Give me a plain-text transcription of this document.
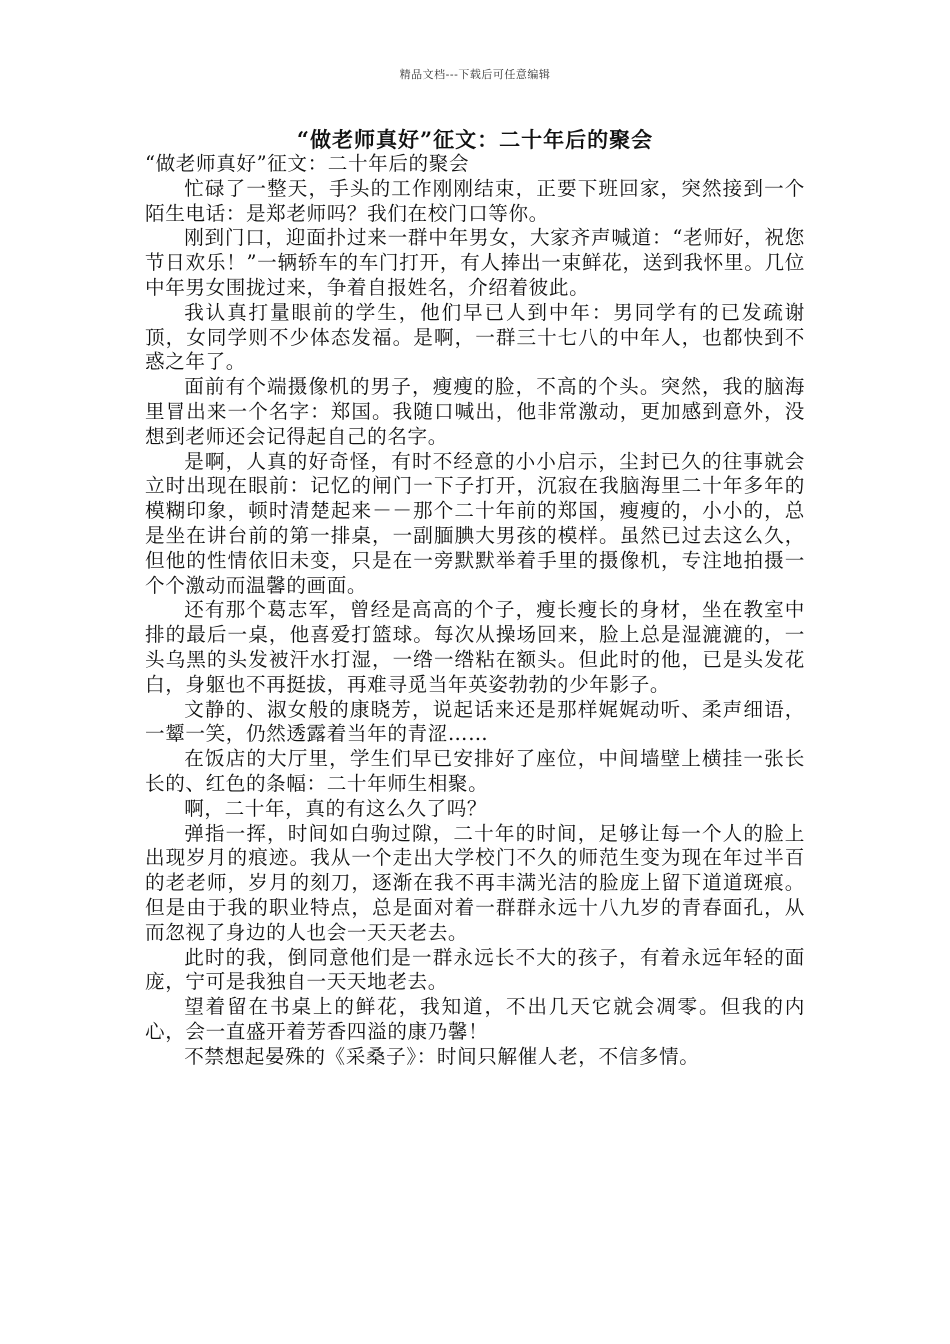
精品文档---下载后可任意编辑
“做老师真好”征文：二十年后的聚会

“做老师真好”征文：二十年后的聚会

忙碌了一整天，手头的工作刚刚结束，正要下班回家，突然接到一个陌生电话：是郑老师吗？我们在校门口等你。

刚到门口，迎面扑过来一群中年男女，大家齐声喊道：“老师好，祝您节日欢乐！”一辆轿车的车门打开，有人捧出一束鲜花，送到我怀里。几位中年男女围拢过来，争着自报姓名，介绍着彼此。

我认真打量眼前的学生，他们早已人到中年：男同学有的已发疏谢顶，女同学则不少体态发福。是啊，一群三十七八的中年人，也都快到不惑之年了。

面前有个端摄像机的男子，瘦瘦的脸，不高的个头。突然，我的脑海里冒出来一个名字：郑国。我随口喊出，他非常激动，更加感到意外，没想到老师还会记得起自己的名字。

是啊，人真的好奇怪，有时不经意的小小启示，尘封已久的往事就会立时出现在眼前：记忆的闸门一下子打开，沉寂在我脑海里二十年多年的模糊印象，顿时清楚起来－－那个二十年前的郑国，瘦瘦的，小小的，总是坐在讲台前的第一排桌，一副腼腆大男孩的模样。虽然已过去这么久，但他的性情依旧未变，只是在一旁默默举着手里的摄像机，专注地拍摄一个个激动而温馨的画面。

还有那个葛志军，曾经是高高的个子，瘦长瘦长的身材，坐在教室中排的最后一桌，他喜爱打篮球。每次从操场回来，脸上总是湿漉漉的，一头乌黑的头发被汗水打湿，一绺一绺粘在额头。但此时的他，已是头发花白，身躯也不再挺拔，再难寻觅当年英姿勃勃的少年影子。

文静的、淑女般的康晓芳，说起话来还是那样娓娓动听、柔声细语，一颦一笑，仍然透露着当年的青涩……

在饭店的大厅里，学生们早已安排好了座位，中间墙壁上横挂一张长长的、红色的条幅：二十年师生相聚。

啊，二十年，真的有这么久了吗？

弹指一挥，时间如白驹过隙，二十年的时间，足够让每一个人的脸上出现岁月的痕迹。我从一个走出大学校门不久的师范生变为现在年过半百的老老师，岁月的刻刀，逐渐在我不再丰满光洁的脸庞上留下道道斑痕。但是由于我的职业特点，总是面对着一群群永远十八九岁的青春面孔，从而忽视了身边的人也会一天天老去。

此时的我，倒同意他们是一群永远长不大的孩子，有着永远年轻的面庞，宁可是我独自一天天地老去。

望着留在书桌上的鲜花，我知道，不出几天它就会凋零。但我的内心，会一直盛开着芳香四溢的康乃馨！

不禁想起晏殊的《采桑子》：时间只解催人老，不信多情。
